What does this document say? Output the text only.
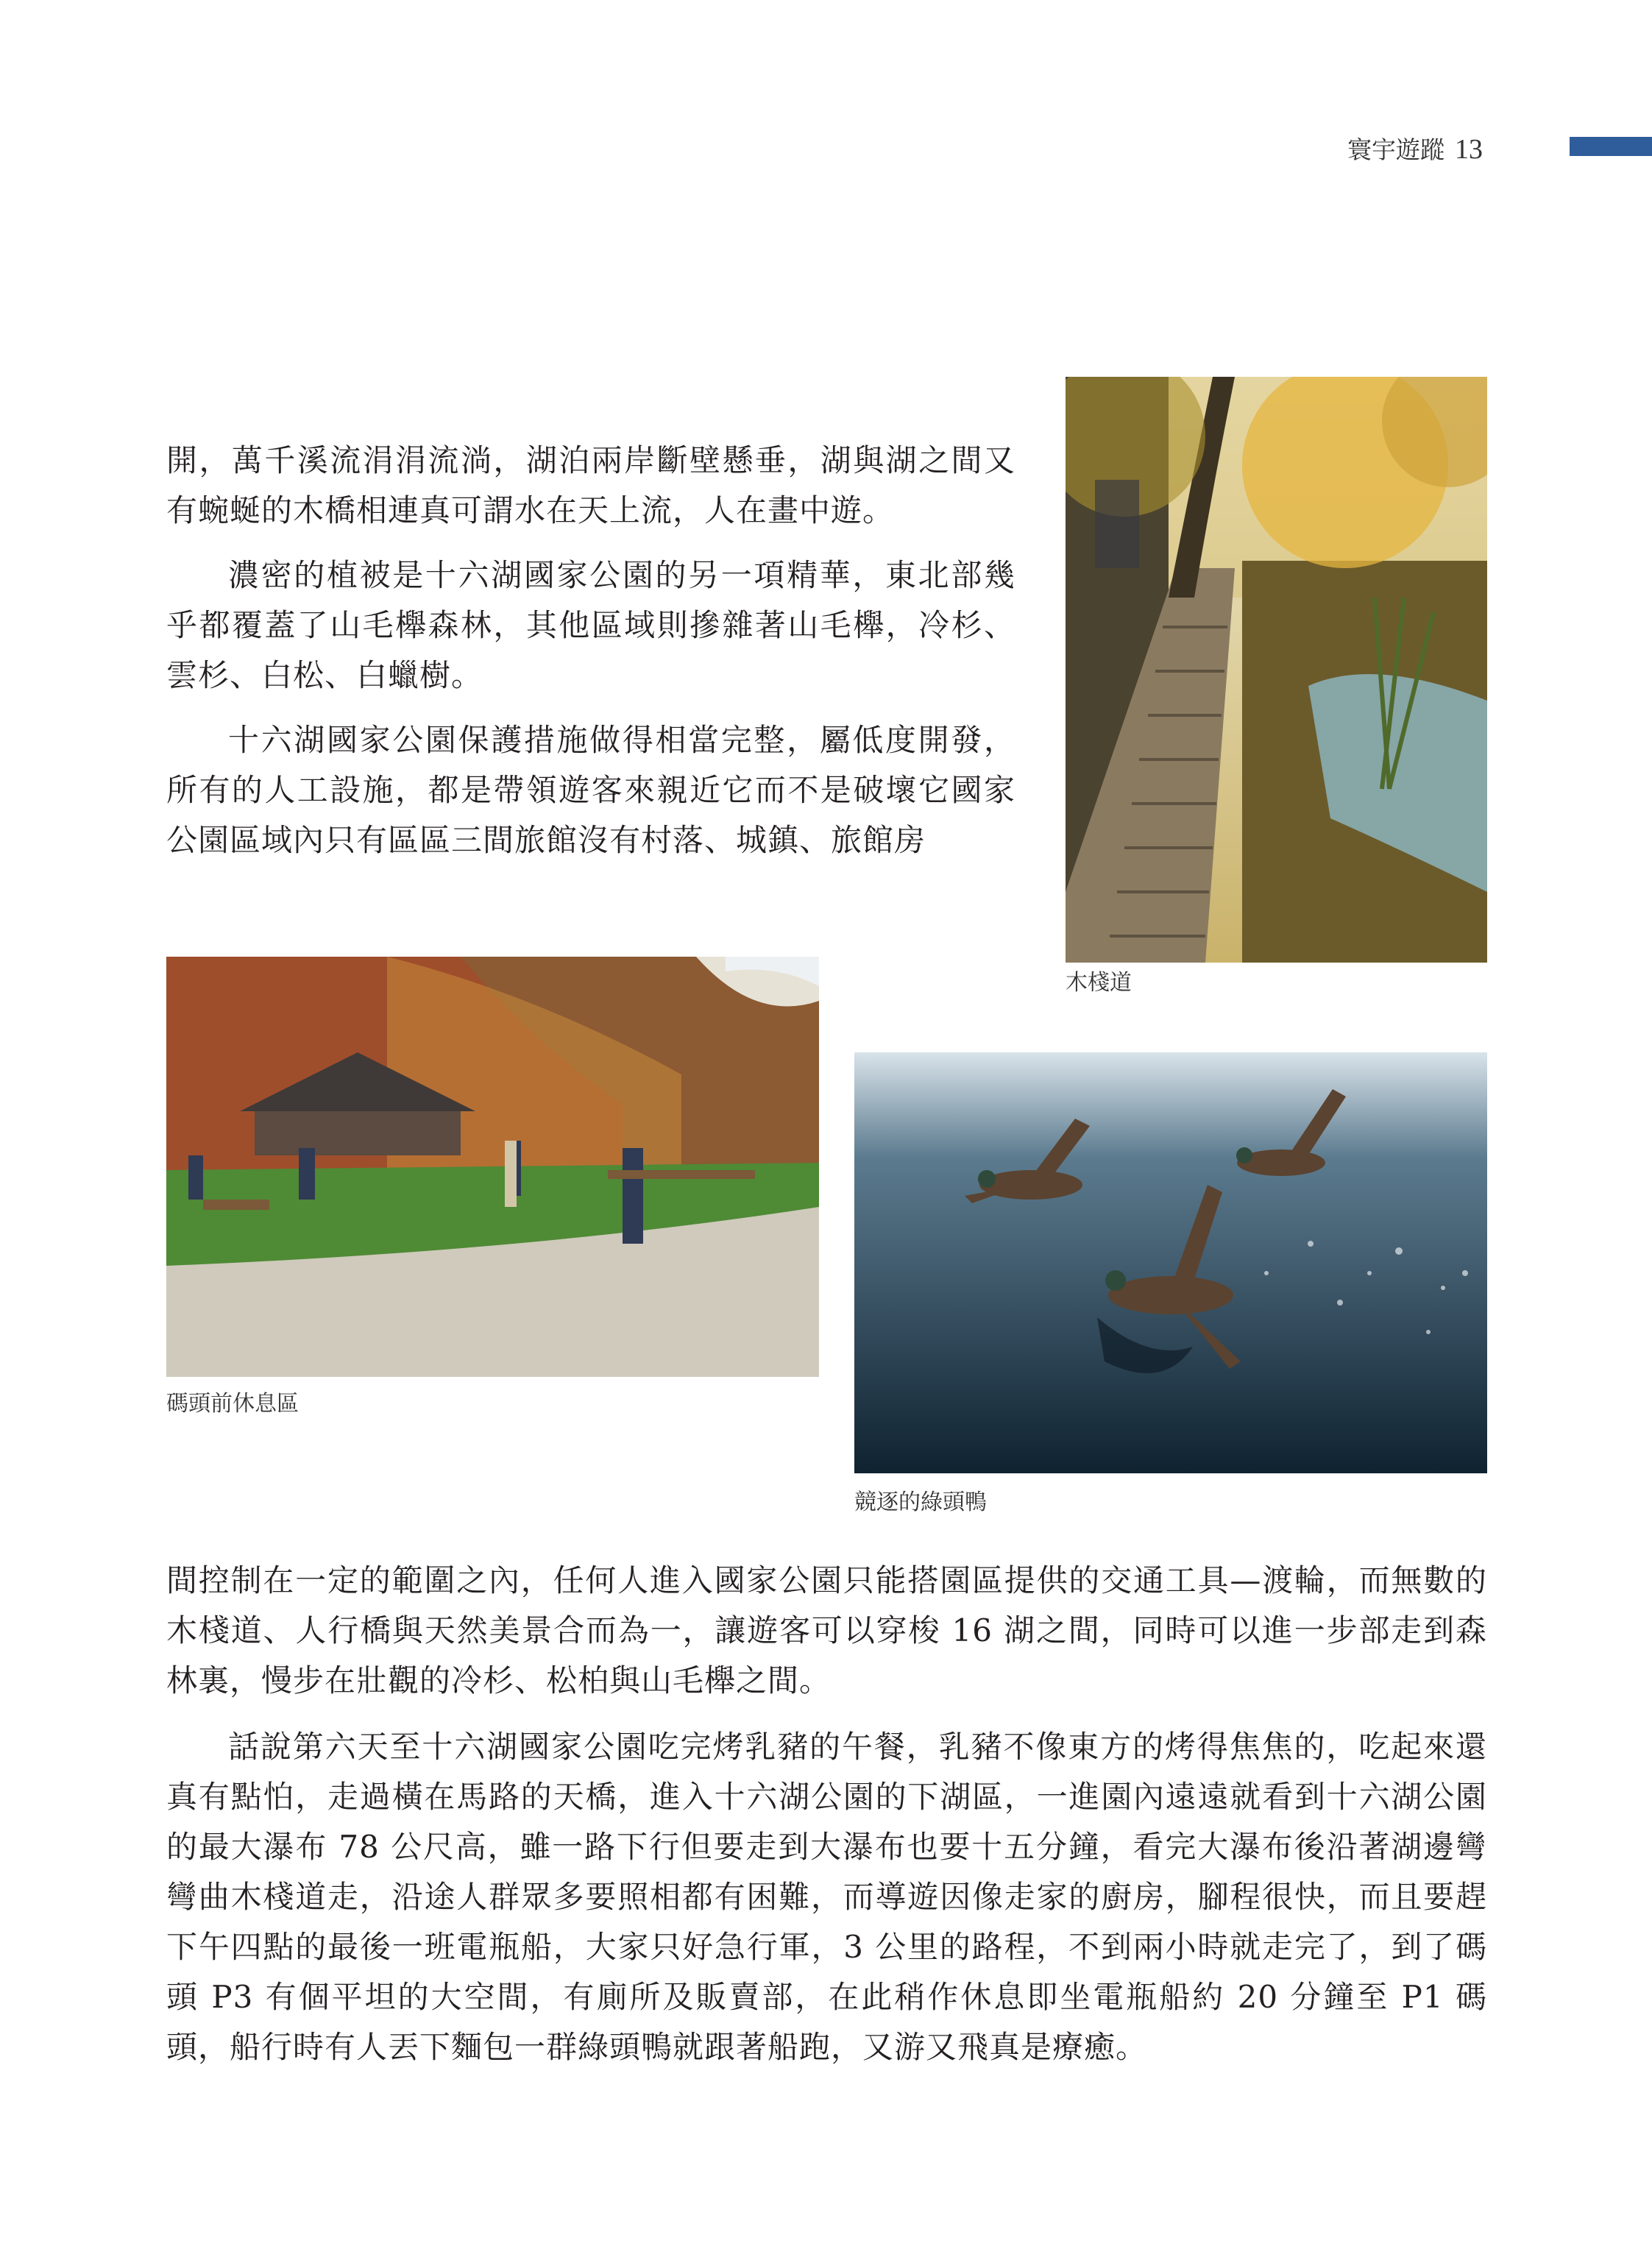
寰宇遊蹤 13

開，萬千溪流涓涓流淌，湖泊兩岸斷壁懸垂，湖與湖之間又有蜿蜒的木橋相連真可謂水在天上流，人在畫中遊。

濃密的植被是十六湖國家公園的另一項精華，東北部幾乎都覆蓋了山毛櫸森林，其他區域則摻雜著山毛櫸，冷杉、雲杉、白松、白蠟樹。

十六湖國家公園保護措施做得相當完整，屬低度開發，所有的人工設施，都是帶領遊客來親近它而不是破壞它國家公園區域內只有區區三間旅館沒有村落、城鎮、旅館房

木棧道
碼頭前休息區
競逐的綠頭鴨

間控制在一定的範圍之內，任何人進入國家公園只能搭園區提供的交通工具—渡輪，而無數的木棧道、人行橋與天然美景合而為一，讓遊客可以穿梭 16 湖之間，同時可以進一步部走到森林裏，慢步在壯觀的冷杉、松柏與山毛櫸之間。

話說第六天至十六湖國家公園吃完烤乳豬的午餐，乳豬不像東方的烤得焦焦的，吃起來還真有點怕，走過橫在馬路的天橋，進入十六湖公園的下湖區，一進園內遠遠就看到十六湖公園的最大瀑布 78 公尺高，雖一路下行但要走到大瀑布也要十五分鐘，看完大瀑布後沿著湖邊彎彎曲木棧道走，沿途人群眾多要照相都有困難，而導遊因像走家的廚房，腳程很快，而且要趕下午四點的最後一班電瓶船，大家只好急行軍，3 公里的路程，不到兩小時就走完了，到了碼頭 P3 有個平坦的大空間，有廁所及販賣部，在此稍作休息即坐電瓶船約 20 分鐘至 P1 碼頭，船行時有人丟下麵包一群綠頭鴨就跟著船跑，又游又飛真是療癒。
